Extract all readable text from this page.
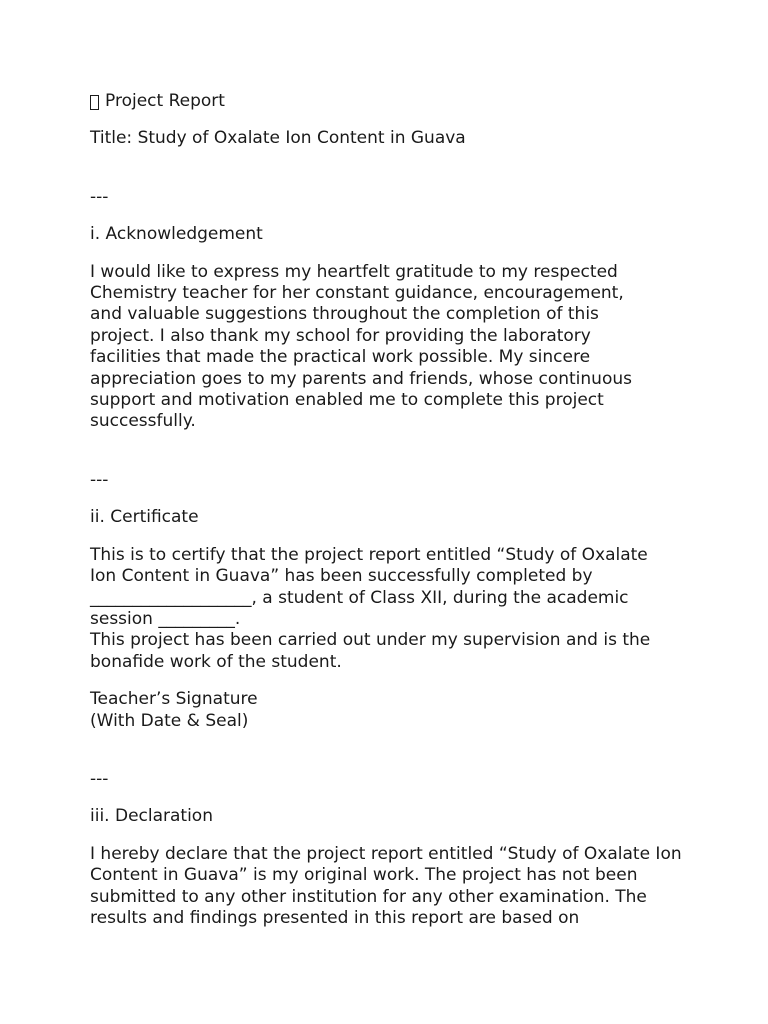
Project Report
Title: Study of Oxalate Ion Content in Guava
---
i. Acknowledgement
I would like to express my heartfelt gratitude to my respected Chemistry teacher for her constant guidance, encouragement, and valuable suggestions throughout the completion of this project. I also thank my school for providing the laboratory facilities that made the practical work possible. My sincere appreciation goes to my parents and friends, whose continuous support and motivation enabled me to complete this project successfully.
---
ii. Certificate
This is to certify that the project report entitled “Study of Oxalate
Ion Content in Guava” has been successfully completed by
___________________, a student of Class XII, during the academic
session _________.
This project has been carried out under my supervision and is the
bonafide work of the student.
Teacher’s Signature
(With Date & Seal)
---
iii. Declaration
I hereby declare that the project report entitled “Study of Oxalate Ion Content in Guava” is my original work. The project has not been submitted to any other institution for any other examination. The results and findings presented in this report are based on
